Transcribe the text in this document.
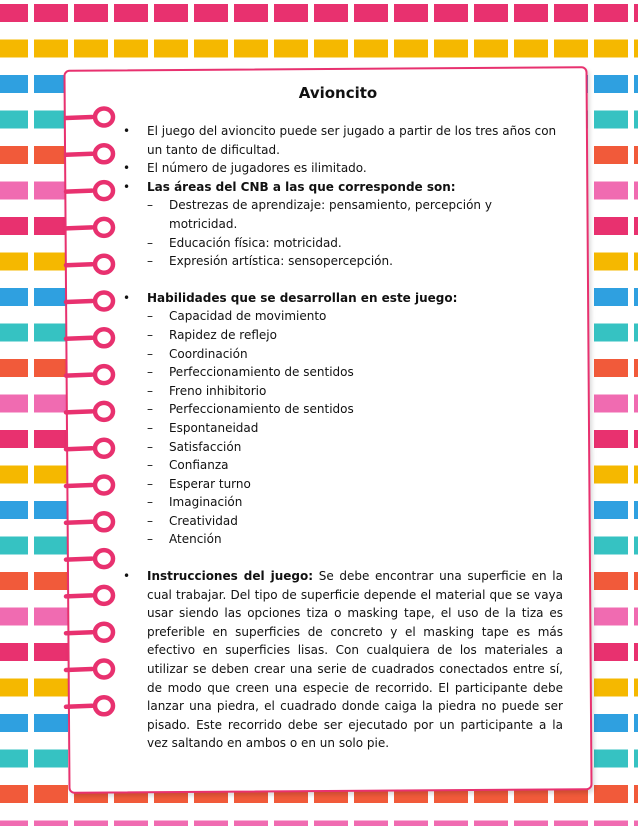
Avioncito
• El juego del avioncito puede ser jugado a partir de los tres años con un tanto de dificultad.
• El número de jugadores es ilimitado.
• Las áreas del CNB a las que corresponde son:
– Destrezas de aprendizaje: pensamiento, percepción y motricidad.
– Educación física: motricidad.
– Expresión artística: sensopercepción.
• Habilidades que se desarrollan en este juego:
– Capacidad de movimiento
– Rapidez de reflejo
– Coordinación
– Perfeccionamiento de sentidos
– Freno inhibitorio
– Perfeccionamiento de sentidos
– Espontaneidad
– Satisfacción
– Confianza
– Esperar turno
– Imaginación
– Creatividad
– Atención
• Instrucciones del juego: Se debe encontrar una superficie en la cual trabajar. Del tipo de superficie depende el material que se vaya usar siendo las opciones tiza o masking tape, el uso de la tiza es preferible en superficies de concreto y el masking tape es más efectivo en superficies lisas. Con cualquiera de los materiales a utilizar se deben crear una serie de cuadrados conectados entre sí, de modo que creen una especie de recorrido. El participante debe lanzar una piedra, el cuadrado donde caiga la piedra no puede ser pisado. Este recorrido debe ser ejecutado por un participante a la vez saltando en ambos o en un solo pie.
